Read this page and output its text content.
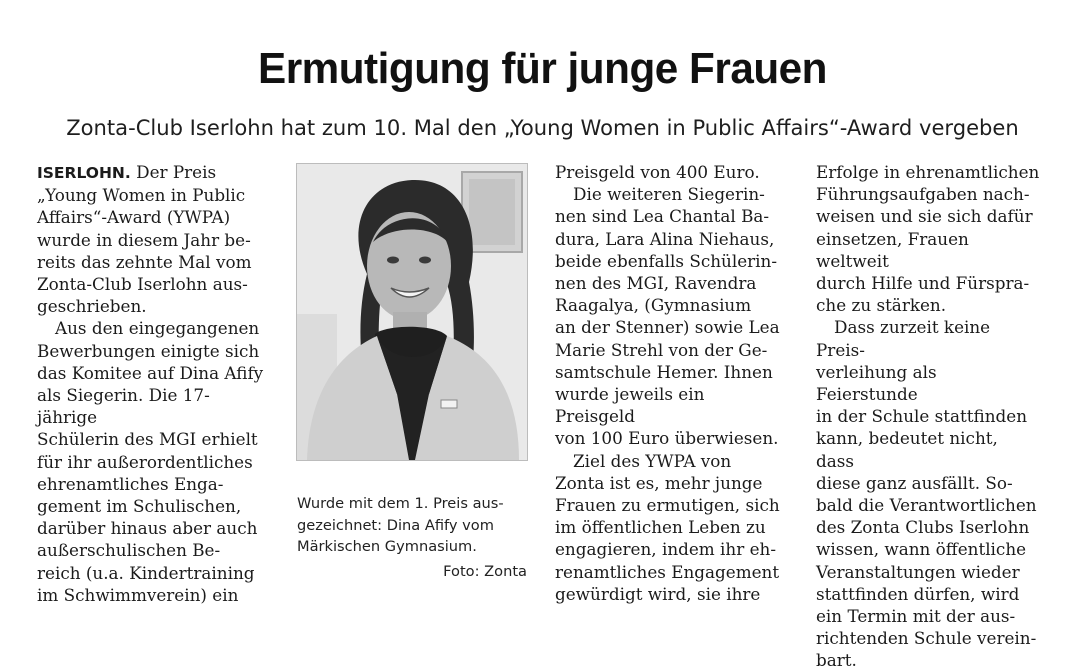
Ermutigung für junge Frauen
Zonta-Club Iserlohn hat zum 10. Mal den „Young Women in Public Affairs“-Award vergeben

ISERLOHN. Der Preis
„Young Women in Public
Affairs“-Award (YWPA)
wurde in diesem Jahr be-
reits das zehnte Mal vom
Zonta-Club Iserlohn aus-
geschrieben.

Aus den eingegangenen
Bewerbungen einigte sich
das Komitee auf Dina Afify
als Siegerin. Die 17-jährige
Schülerin des MGI erhielt
für ihr außerordentliches
ehrenamtliches Enga-
gement im Schulischen,
darüber hinaus aber auch
außerschulischen Be-
reich (u.a. Kindertraining
im Schwimmverein) ein

Wurde mit dem 1. Preis aus-
gezeichnet: Dina Afify vom
Märkischen Gymnasium.

Foto: Zonta

Preisgeld von 400 Euro.

Die weiteren Siegerin-
nen sind Lea Chantal Ba-
dura, Lara Alina Niehaus,
beide ebenfalls Schülerin-
nen des MGI, Ravendra
Raagalya, (Gymnasium
an der Stenner) sowie Lea
Marie Strehl von der Ge-
samtschule Hemer. Ihnen
wurde jeweils ein Preisgeld
von 100 Euro überwiesen.

Ziel des YWPA von
Zonta ist es, mehr junge
Frauen zu ermutigen, sich
im öffentlichen Leben zu
engagieren, indem ihr eh-
renamtliches Engagement
gewürdigt wird, sie ihre

Erfolge in ehrenamtlichen
Führungsaufgaben nach-
weisen und sie sich dafür
einsetzen, Frauen weltweit
durch Hilfe und Fürspra-
che zu stärken.

Dass zurzeit keine Preis-
verleihung als Feierstunde
in der Schule stattfinden
kann, bedeutet nicht, dass
diese ganz ausfällt. So-
bald die Verantwortlichen
des Zonta Clubs Iserlohn
wissen, wann öffentliche
Veranstaltungen wieder
stattfinden dürfen, wird
ein Termin mit der aus-
richtenden Schule verein-
bart.
